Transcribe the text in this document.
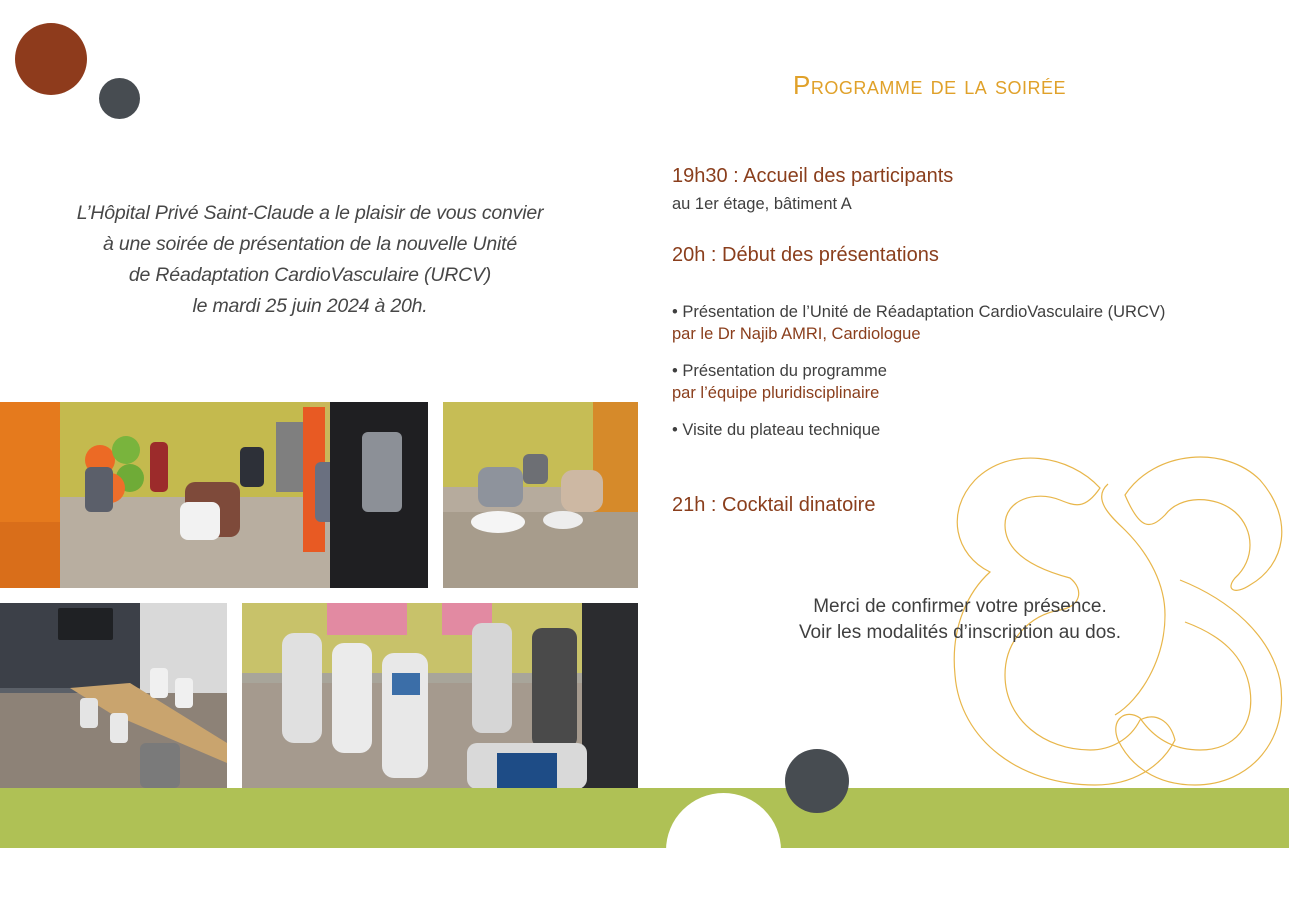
L’Hôpital Privé Saint-Claude a le plaisir de vous convier
à une soirée de présentation de la nouvelle Unité
de Réadaptation CardioVasculaire (URCV)
le mardi 25 juin 2024 à 20h.
Programme de la soirée
19h30 : Accueil des participants
au 1er étage, bâtiment A
20h : Début des présentations
• Présentation de l’Unité de Réadaptation CardioVasculaire (URCV)
par le Dr Najib AMRI, Cardiologue
• Présentation du programme
par l’équipe pluridisciplinaire
• Visite du plateau technique
21h : Cocktail dinatoire
Merci de confirmer votre présence.
Voir les modalités d’inscription au dos.
